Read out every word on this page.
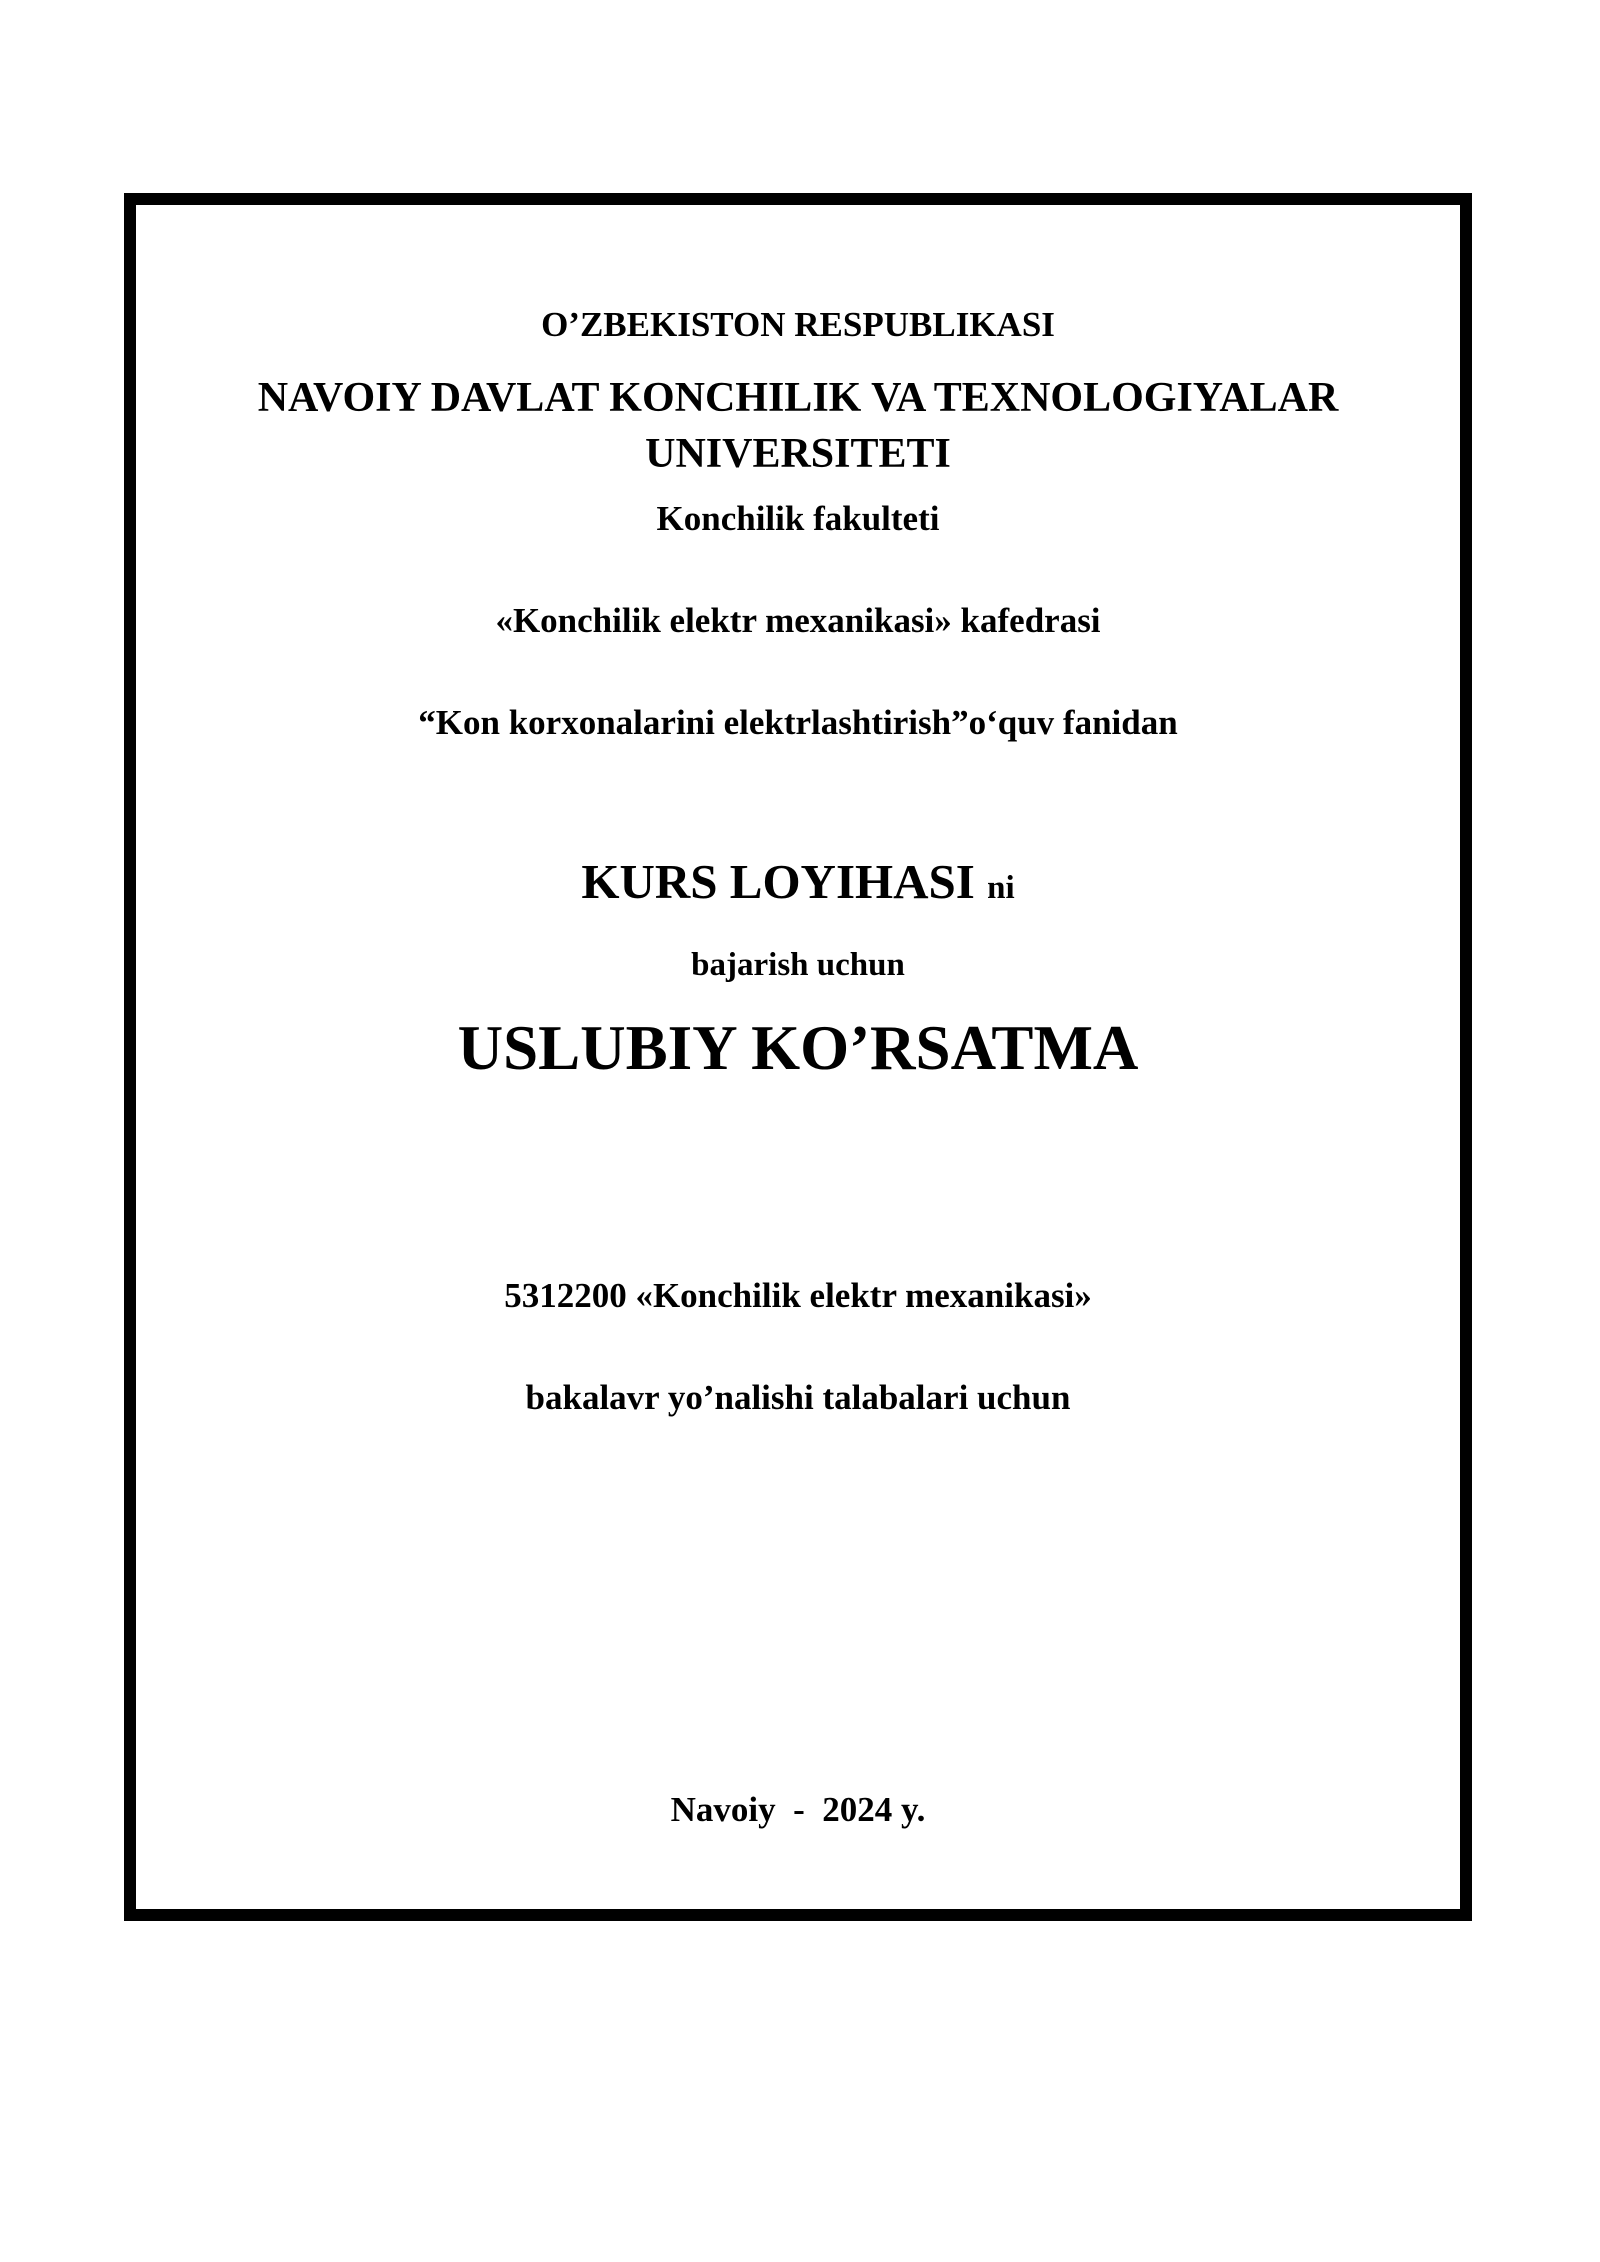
O’ZBEKISTON RESPUBLIKASI
NAVOIY DAVLAT KONCHILIK VA TEXNOLOGIYALAR UNIVERSITETI
Konchilik fakulteti
«Konchilik elektr mexanikasi» kafedrasi
“Kon korxonalarini elektrlashtirish”o‘quv fanidan
KURS LOYIHASI ni
bajarish uchun
USLUBIY KO’RSATMA
5312200 «Konchilik elektr mexanikasi»
bakalavr yo’nalishi talabalari uchun
Navoiy  -  2024 y.
